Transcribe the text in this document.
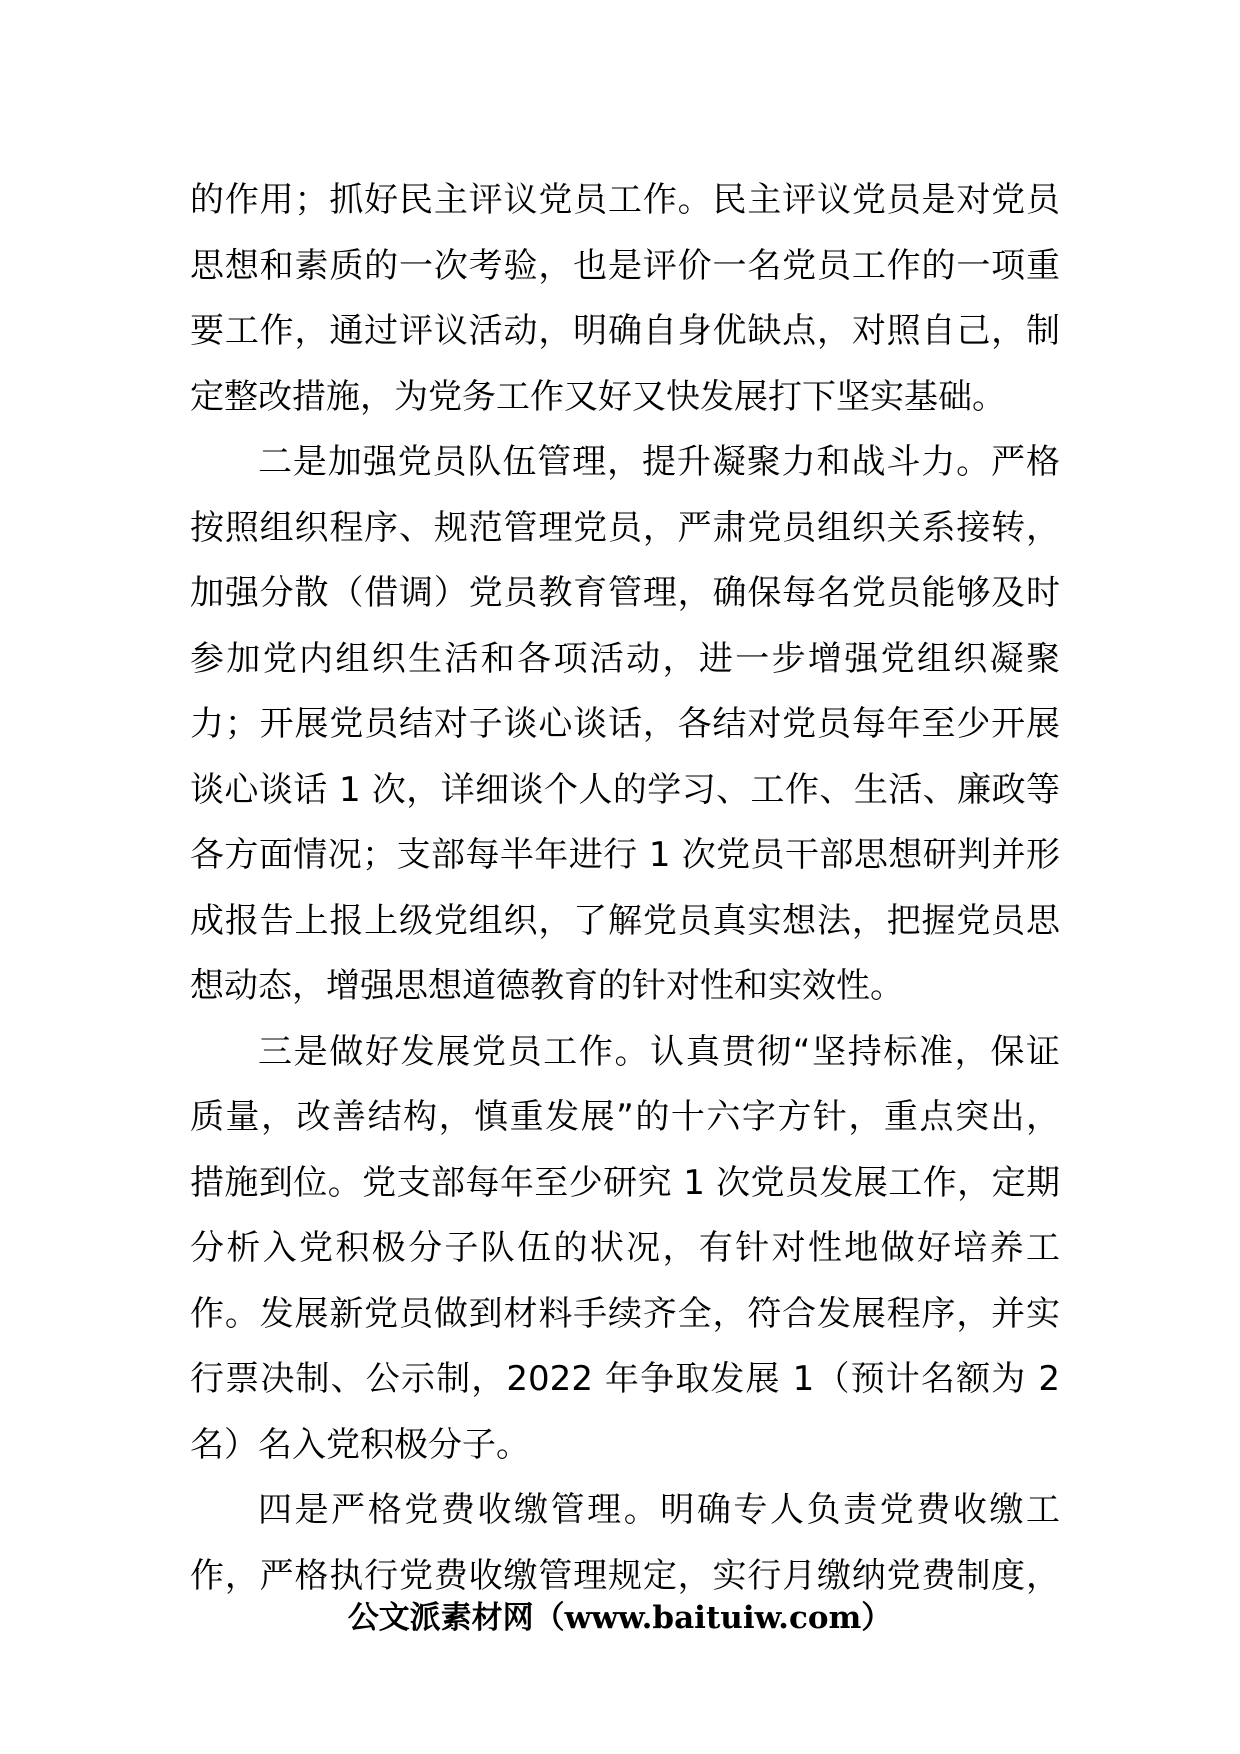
的作用；抓好民主评议党员工作。民主评议党员是对党员
思想和素质的一次考验，也是评价一名党员工作的一项重
要工作，通过评议活动，明确自身优缺点，对照自己，制
定整改措施，为党务工作又好又快发展打下坚实基础。
二是加强党员队伍管理，提升凝聚力和战斗力。严格
按照组织程序、规范管理党员，严肃党员组织关系接转，
加强分散（借调）党员教育管理，确保每名党员能够及时
参加党内组织生活和各项活动，进一步增强党组织凝聚
力；开展党员结对子谈心谈话，各结对党员每年至少开展
谈心谈话 1 次，详细谈个人的学习、工作、生活、廉政等
各方面情况；支部每半年进行 1 次党员干部思想研判并形
成报告上报上级党组织，了解党员真实想法，把握党员思
想动态，增强思想道德教育的针对性和实效性。
三是做好发展党员工作。认真贯彻“坚持标准，保证
质量，改善结构，慎重发展”的十六字方针，重点突出，
措施到位。党支部每年至少研究 1 次党员发展工作，定期
分析入党积极分子队伍的状况，有针对性地做好培养工
作。发展新党员做到材料手续齐全，符合发展程序，并实
行票决制、公示制，2022 年争取发展 1（预计名额为 2
名）名入党积极分子。
四是严格党费收缴管理。明确专人负责党费收缴工
作，严格执行党费收缴管理规定，实行月缴纳党费制度，
公文派素材网（www.baituiw.com）
